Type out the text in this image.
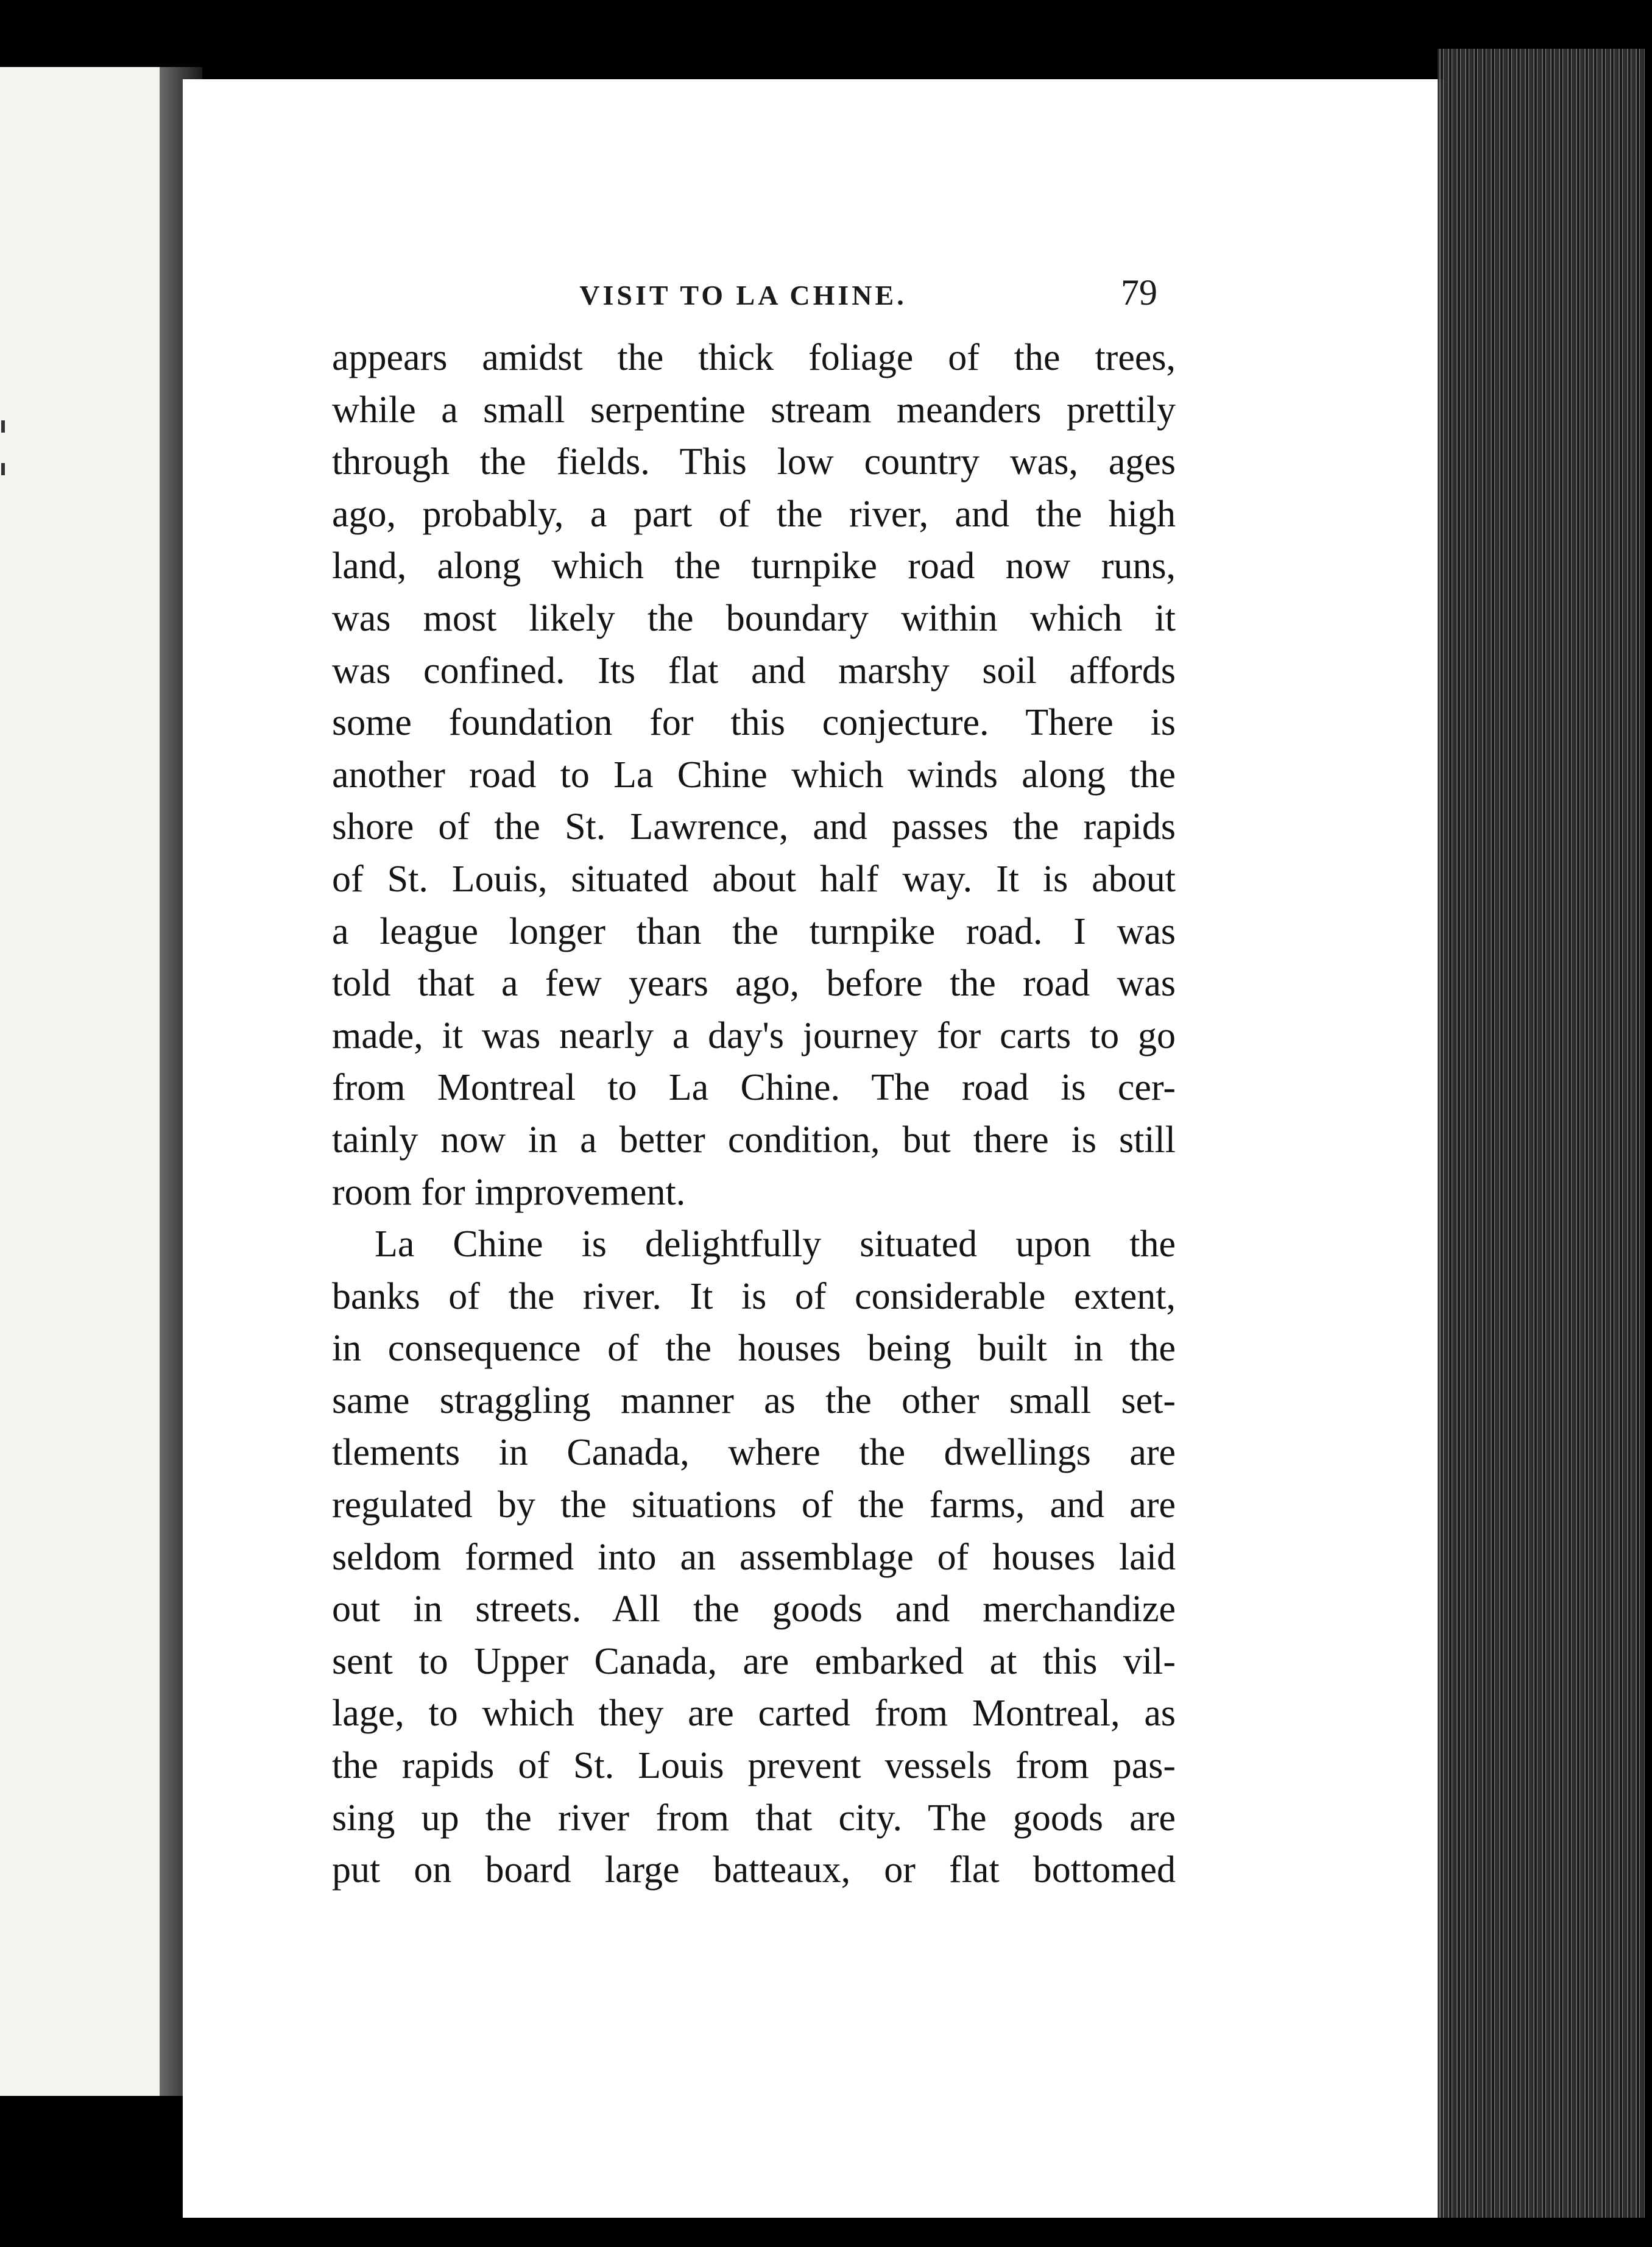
VISIT TO LA CHINE.	79
appears amidst the thick foliage of the trees,
while a small serpentine stream meanders prettily
through the fields. This low country was, ages
ago, probably, a part of the river, and the high
land, along which the turnpike road now runs,
was most likely the boundary within which it
was confined. Its flat and marshy soil affords
some foundation for this conjecture. There is
another road to La Chine which winds along the
shore of the St. Lawrence, and passes the rapids
of St. Louis, situated about half way. It is about
a league longer than the turnpike road. I was
told that a few years ago, before the road was
made, it was nearly a day's journey for carts to go
from Montreal to La Chine. The road is cer-
tainly now in a better condition, but there is still
room for improvement.
La Chine is delightfully situated upon the
banks of the river. It is of considerable extent,
in consequence of the houses being built in the
same straggling manner as the other small set-
tlements in Canada, where the dwellings are
regulated by the situations of the farms, and are
seldom formed into an assemblage of houses laid
out in streets. All the goods and merchandize
sent to Upper Canada, are embarked at this vil-
lage, to which they are carted from Montreal, as
the rapids of St. Louis prevent vessels from pas-
sing up the river from that city. The goods are
put on board large batteaux, or flat bottomed
